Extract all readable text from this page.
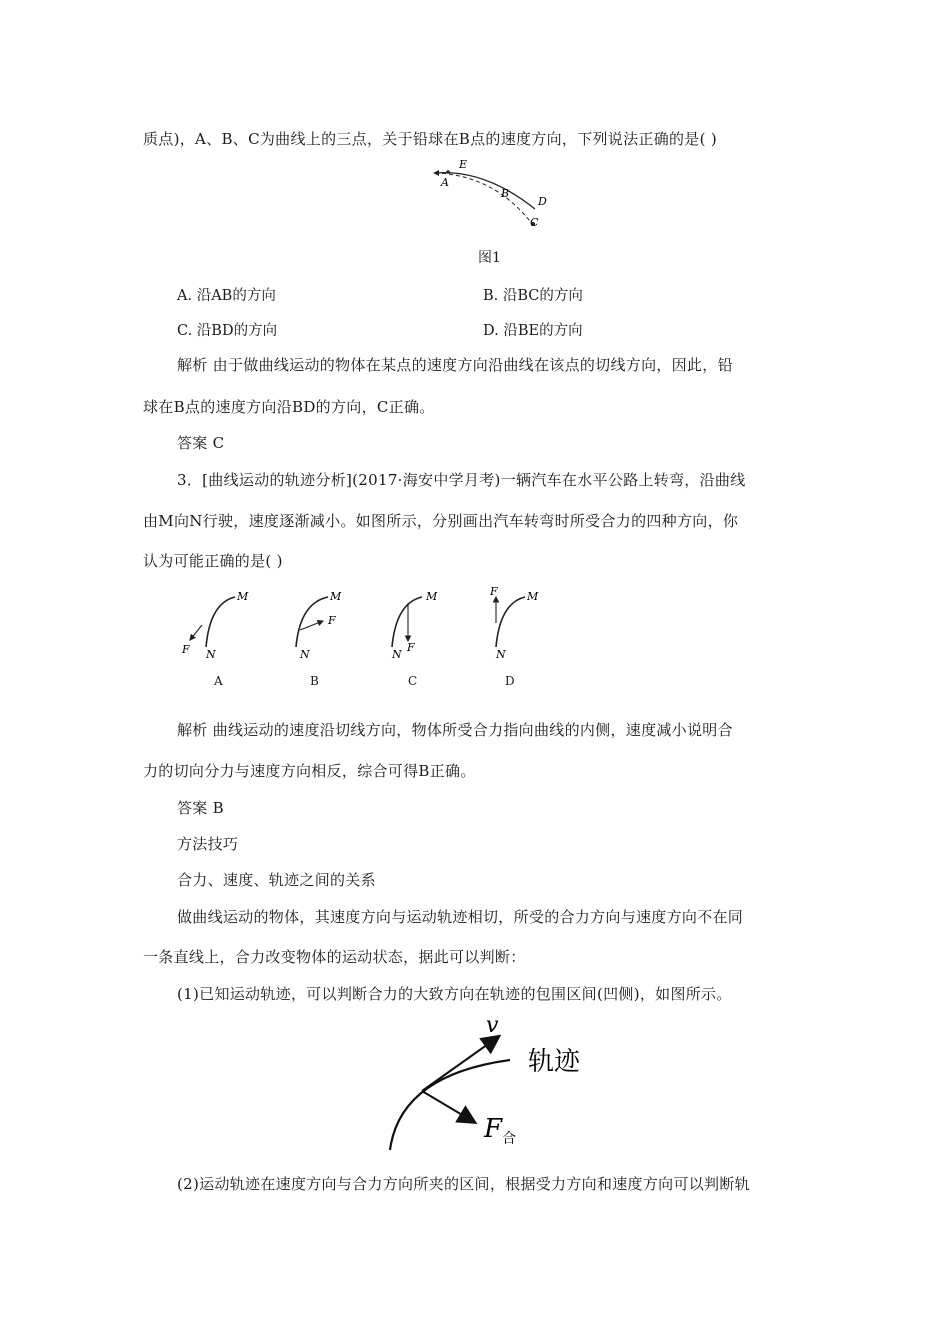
质点)，A、B、C为曲线上的三点，关于铅球在B点的速度方向，下列说法正确的是( )
E
A
B
D
C
图1
A. 沿AB的方向	B. 沿BC的方向
C. 沿BD的方向	D. 沿BE的方向
解析 由于做曲线运动的物体在某点的速度方向沿曲线在该点的切线方向，因此，铅
球在B点的速度方向沿BD的方向，C正确。
答案 C
3．[曲线运动的轨迹分析](2017·海安中学月考)一辆汽车在水平公路上转弯，沿曲线
由M向N行驶，速度逐渐减小。如图所示，分别画出汽车转弯时所受合力的四种方向，你
认为可能正确的是( )
M
N
F
M
N
F
M
N
F
M
N
F
A	B	C	D
解析 曲线运动的速度沿切线方向，物体所受合力指向曲线的内侧，速度减小说明合
力的切向分力与速度方向相反，综合可得B正确。
答案 B
方法技巧
合力、速度、轨迹之间的关系
做曲线运动的物体，其速度方向与运动轨迹相切，所受的合力方向与速度方向不在同
一条直线上，合力改变物体的运动状态，据此可以判断：
(1)已知运动轨迹，可以判断合力的大致方向在轨迹的包围区间(凹侧)，如图所示。
v
轨迹
F 合
(2)运动轨迹在速度方向与合力方向所夹的区间，根据受力方向和速度方向可以判断轨
